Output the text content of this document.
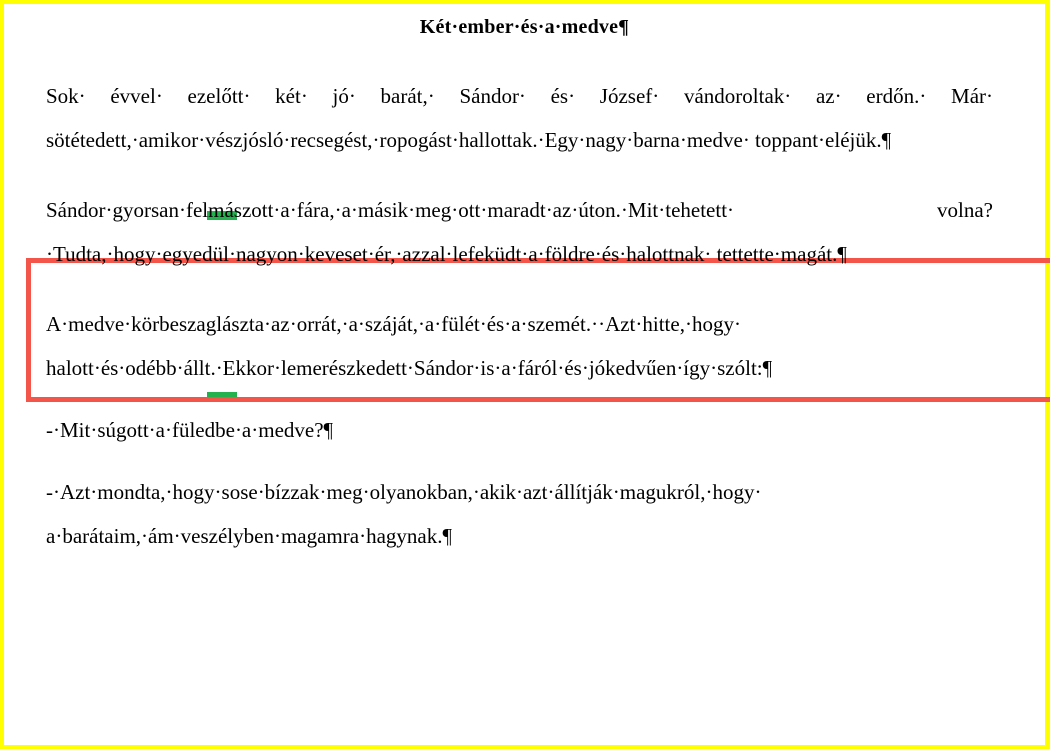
Két·ember·és·a·medve¶

Sok· évvel· ezelőtt· két· jó· barát,· Sándor· és· József· vándoroltak· az· erdőn.· Már· sötétedett,·amikor·vészjósló·recsegést,·ropogást·hallottak.·Egy·nagy·barna·medve· toppant·eléjük.¶

Sándor·gyorsan·felmászott·a·fára,·a·másik·meg·ott·maradt·az·úton.·Mit·tehetett· volna?·Tudta,·hogy·egyedül·nagyon·keveset·ér,·azzal·lefeküdt·a·földre·és·halottnak· tettette·magát.¶

A·medve·körbeszaglászta·az·orrát,·a·száját,·a·fülét·és·a·szemét.··Azt·hitte,·hogy· halott·és·odébb·állt.·Ekkor·lemerészkedett·Sándor·is·a·fáról·és·jókedvűen·így·szólt:¶

-·Mit·súgott·a·füledbe·a·medve?¶

-·Azt·mondta,·hogy·sose·bízzak·meg·olyanokban,·akik·azt·állítják·magukról,·hogy· a·barátaim,·ám·veszélyben·magamra·hagynak.¶
